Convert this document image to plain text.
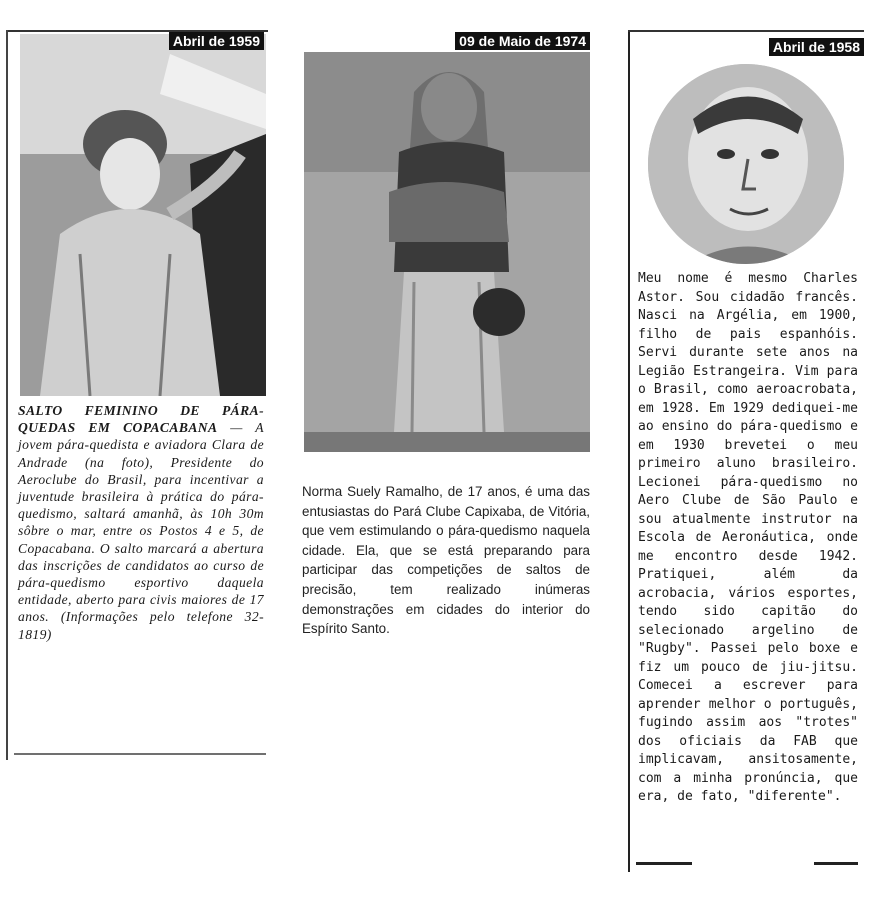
Abril de 1959

SALTO FEMININO DE PÁRA-QUEDAS EM COPACABANA — A jovem pára-quedista e aviadora Clara de Andrade (na foto), Presidente do Aeroclube do Brasil, para incentivar a juventude brasileira à prática do pára-quedismo, saltará amanhã, às 10h 30m sôbre o mar, entre os Postos 4 e 5, de Copacabana. O salto marcará a abertura das inscrições de candidatos ao curso de pára-quedismo esportivo daquela entidade, aberto para civis maiores de 17 anos. (Informações pelo telefone 32-1819)

09 de Maio de 1974

Norma Suely Ramalho, de 17 anos, é uma das entusiastas do Pará Clube Capixaba, de Vitória, que vem estimulando o pára-quedismo naquela cidade. Ela, que se está preparando para participar das competições de saltos de precisão, tem realizado inúmeras demonstrações em cidades do interior do Espírito Santo.

Abril de 1958

Meu nome é mesmo Charles Astor. Sou cidadão francês. Nasci na Argélia, em 1900, filho de pais espanhóis. Servi durante sete anos na Legião Estrangeira. Vim para o Brasil, como aeroacrobata, em 1928. Em 1929 dediquei-me ao ensino do pára-quedismo e em 1930 brevetei o meu primeiro aluno brasileiro. Lecionei pára-quedismo no Aero Clube de São Paulo e sou atualmente instrutor na Escola de Aeronáutica, onde me encontro desde 1942. Pratiquei, além da acrobacia, vários esportes, tendo sido capitão do selecionado argelino de "Rugby". Passei pelo boxe e fiz um pouco de jiu-jitsu. Comecei a escrever para aprender melhor o português, fugindo assim aos "trotes" dos oficiais da FAB que implicavam, ansitosamente, com a minha pronúncia, que era, de fato, "diferente".
